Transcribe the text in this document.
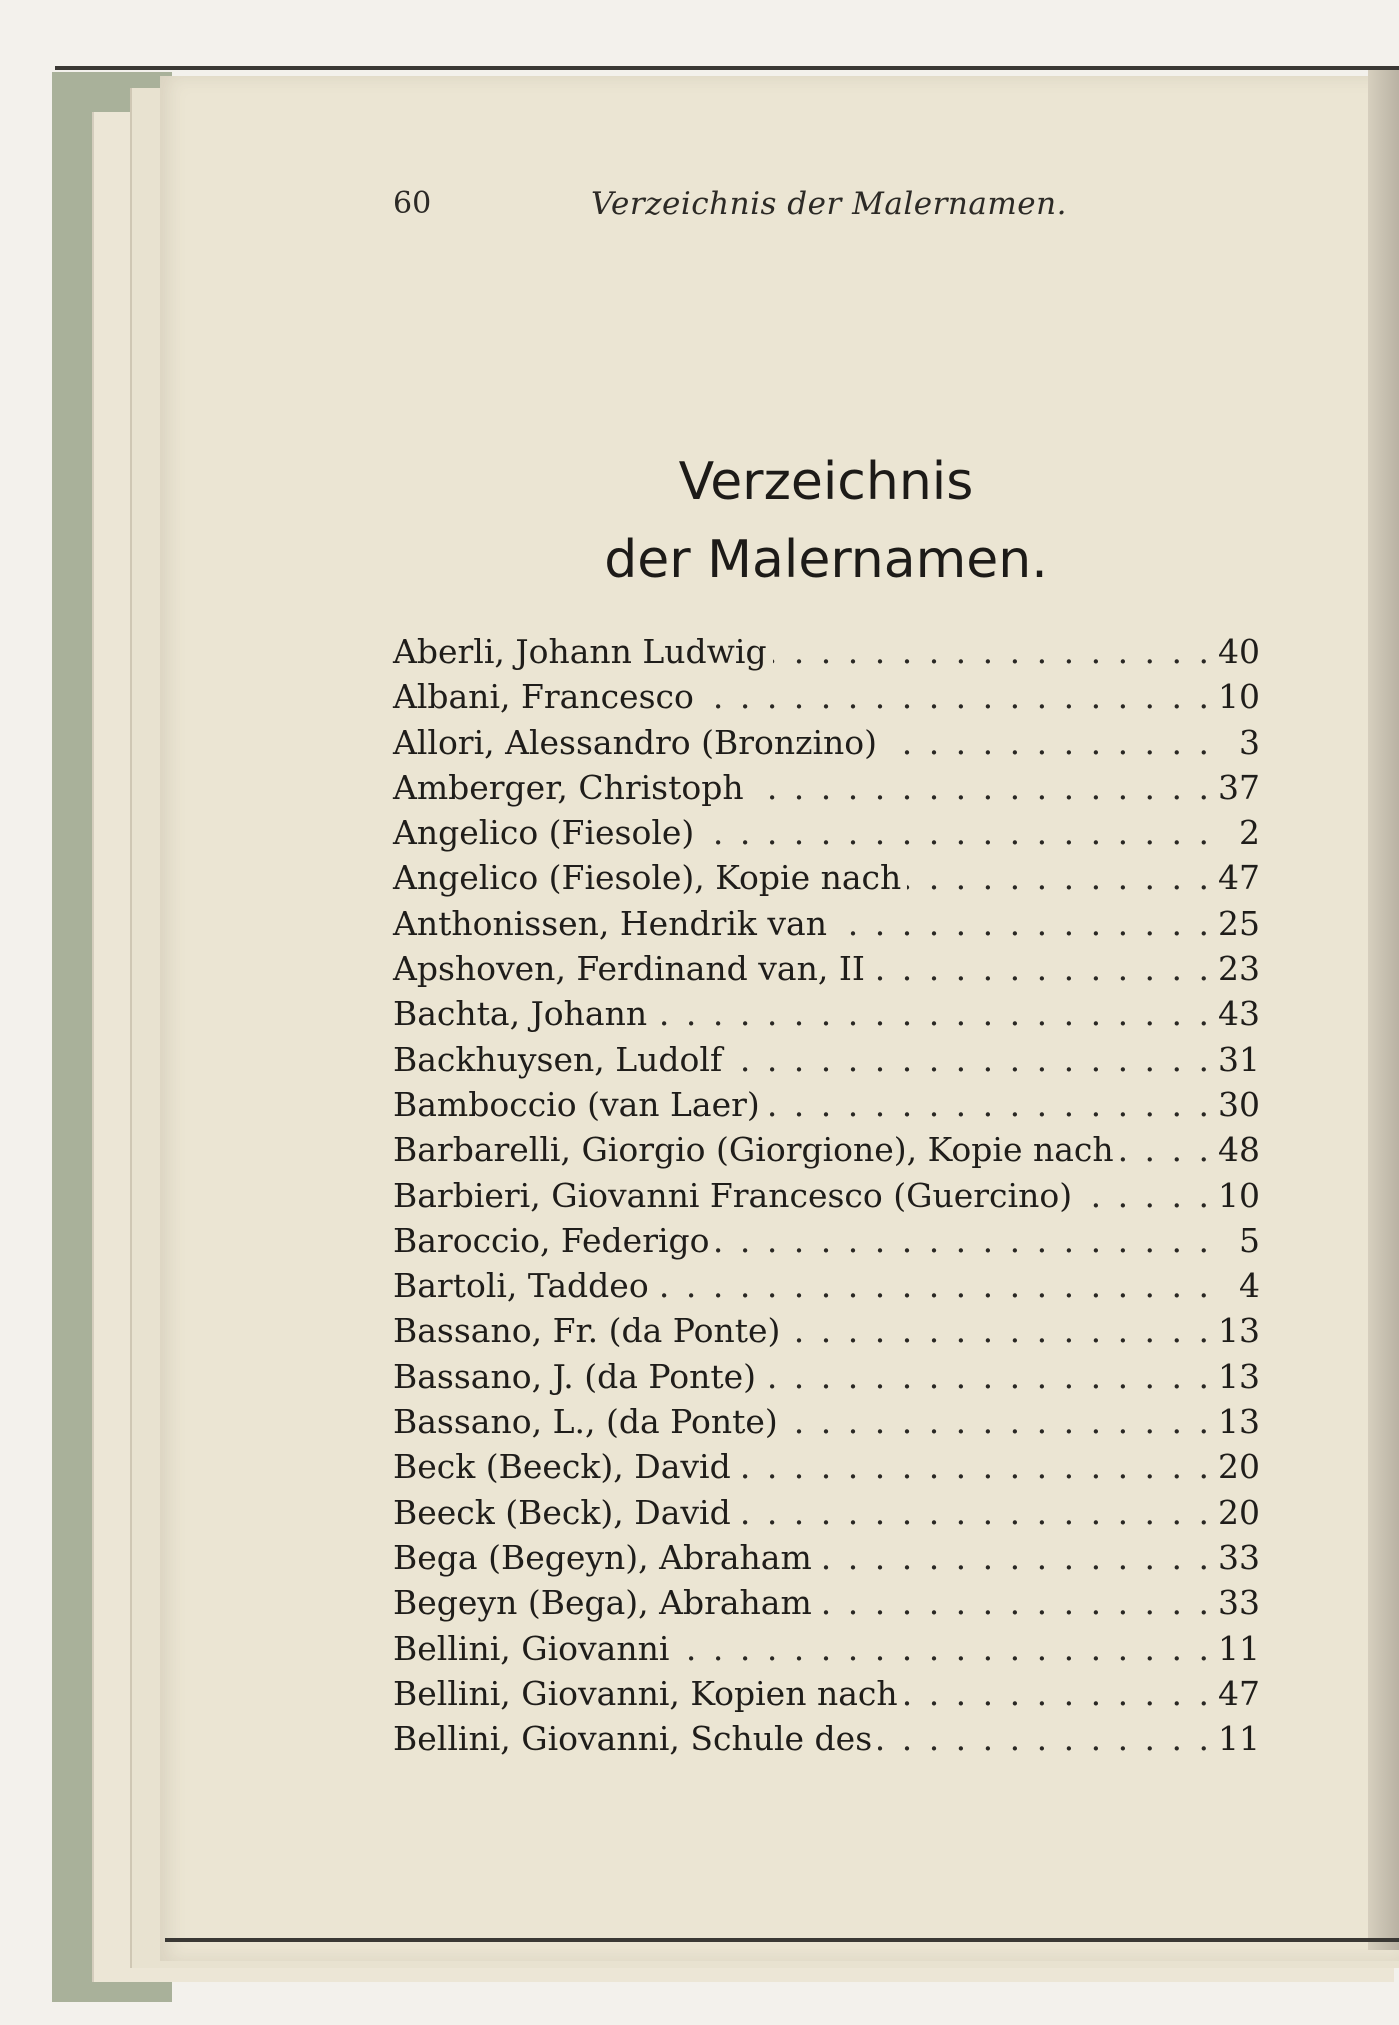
60	Verzeichnis der Malernamen.
Verzeichnis
der Malernamen.
Aberli, Johann Ludwig . . .	40
Albani, Francesco . . .	10
Allori, Alessandro (Bronzino) . . .	3
Amberger, Christoph . . .	37
Angelico (Fiesole) . . .	2
Angelico (Fiesole), Kopie nach . . .	47
Anthonissen, Hendrik van . . .	25
Apshoven, Ferdinand van, II . . .	23
Bachta, Johann . . .	43
Backhuysen, Ludolf . . .	31
Bamboccio (van Laer) . . .	30
Barbarelli, Giorgio (Giorgione), Kopie nach . . .	48
Barbieri, Giovanni Francesco (Guercino) . . .	10
Baroccio, Federigo . . .	5
Bartoli, Taddeo . . .	4
Bassano, Fr. (da Ponte) . . .	13
Bassano, J. (da Ponte) . . .	13
Bassano, L., (da Ponte) . . .	13
Beck (Beeck), David . . .	20
Beeck (Beck), David . . .	20
Bega (Begeyn), Abraham . . .	33
Begeyn (Bega), Abraham . . .	33
Bellini, Giovanni . . .	11
Bellini, Giovanni, Kopien nach . . .	47
Bellini, Giovanni, Schule des . . .	11
